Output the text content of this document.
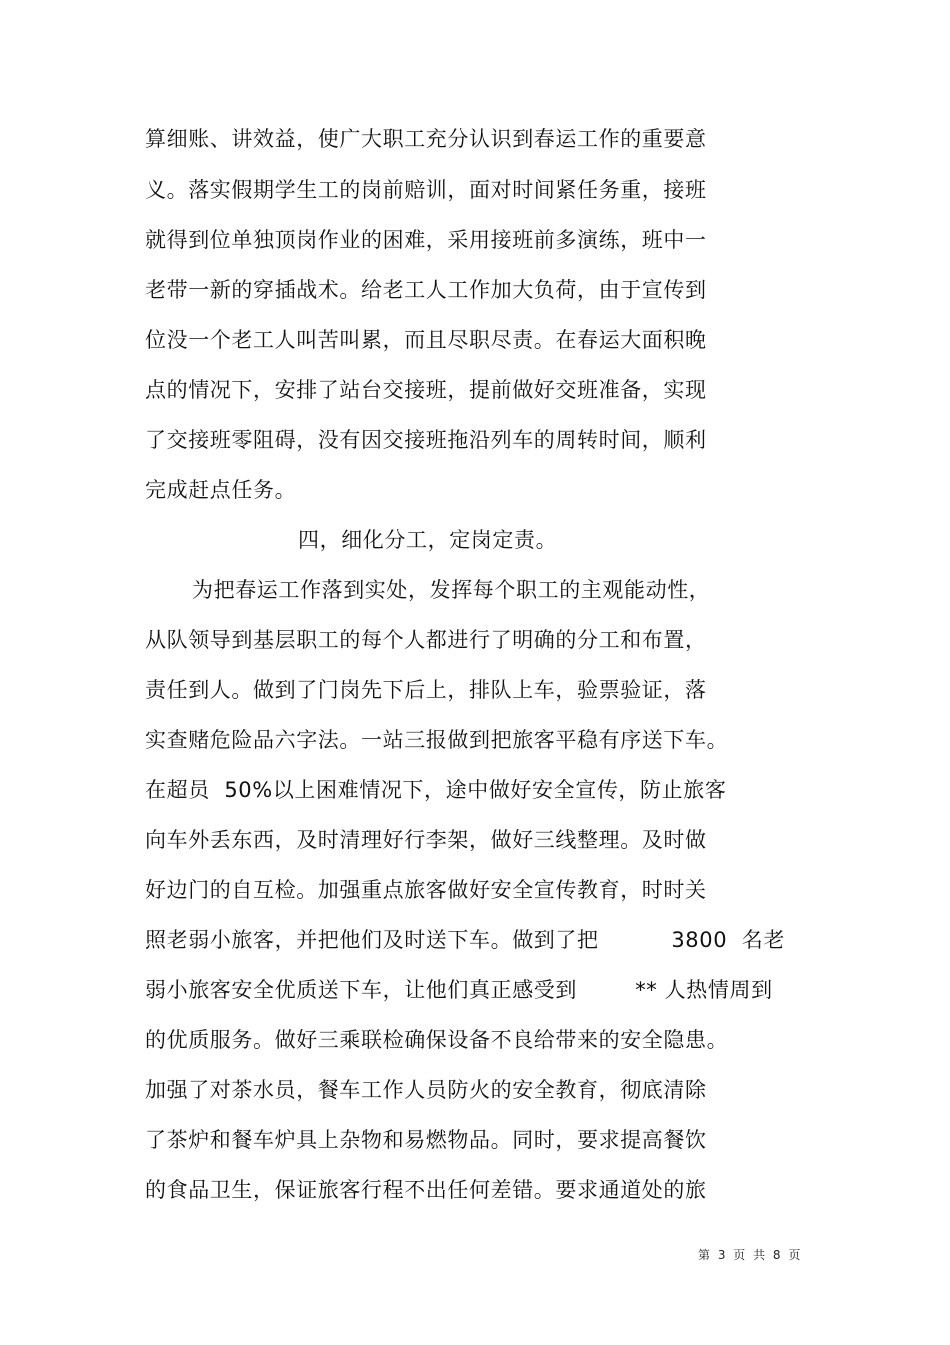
算细账、讲效益，使广大职工充分认识到春运工作的重要意
义。落实假期学生工的岗前赔训，面对时间紧任务重，接班
就得到位单独顶岗作业的困难，采用接班前多演练，班中一
老带一新的穿插战术。给老工人工作加大负荷，由于宣传到
位没一个老工人叫苦叫累，而且尽职尽责。在春运大面积晚
点的情况下，安排了站台交接班，提前做好交班准备，实现
了交接班零阻碍，没有因交接班拖沿列车的周转时间，顺利
完成赶点任务。
四，细化分工，定岗定责。
为把春运工作落到实处，发挥每个职工的主观能动性，
从队领导到基层职工的每个人都进行了明确的分工和布置，
责任到人。做到了门岗先下后上，排队上车，验票验证，落
实查赌危险品六字法。一站三报做到把旅客平稳有序送下车。
在超员  50%以上困难情况下，途中做好安全宣传，防止旅客
向车外丢东西，及时清理好行李架，做好三线整理。及时做
好边门的自互检。加强重点旅客做好安全宣传教育，时时关
照老弱小旅客，并把他们及时送下车。做到了把          3800  名老
弱小旅客安全优质送下车，让他们真正感受到        ** 人热情周到
的优质服务。做好三乘联检确保设备不良给带来的安全隐患。
加强了对茶水员，餐车工作人员防火的安全教育，彻底清除
了茶炉和餐车炉具上杂物和易燃物品。同时，要求提高餐饮
的食品卫生，保证旅客行程不出任何差错。要求通道处的旅
第 3 页 共 8 页
